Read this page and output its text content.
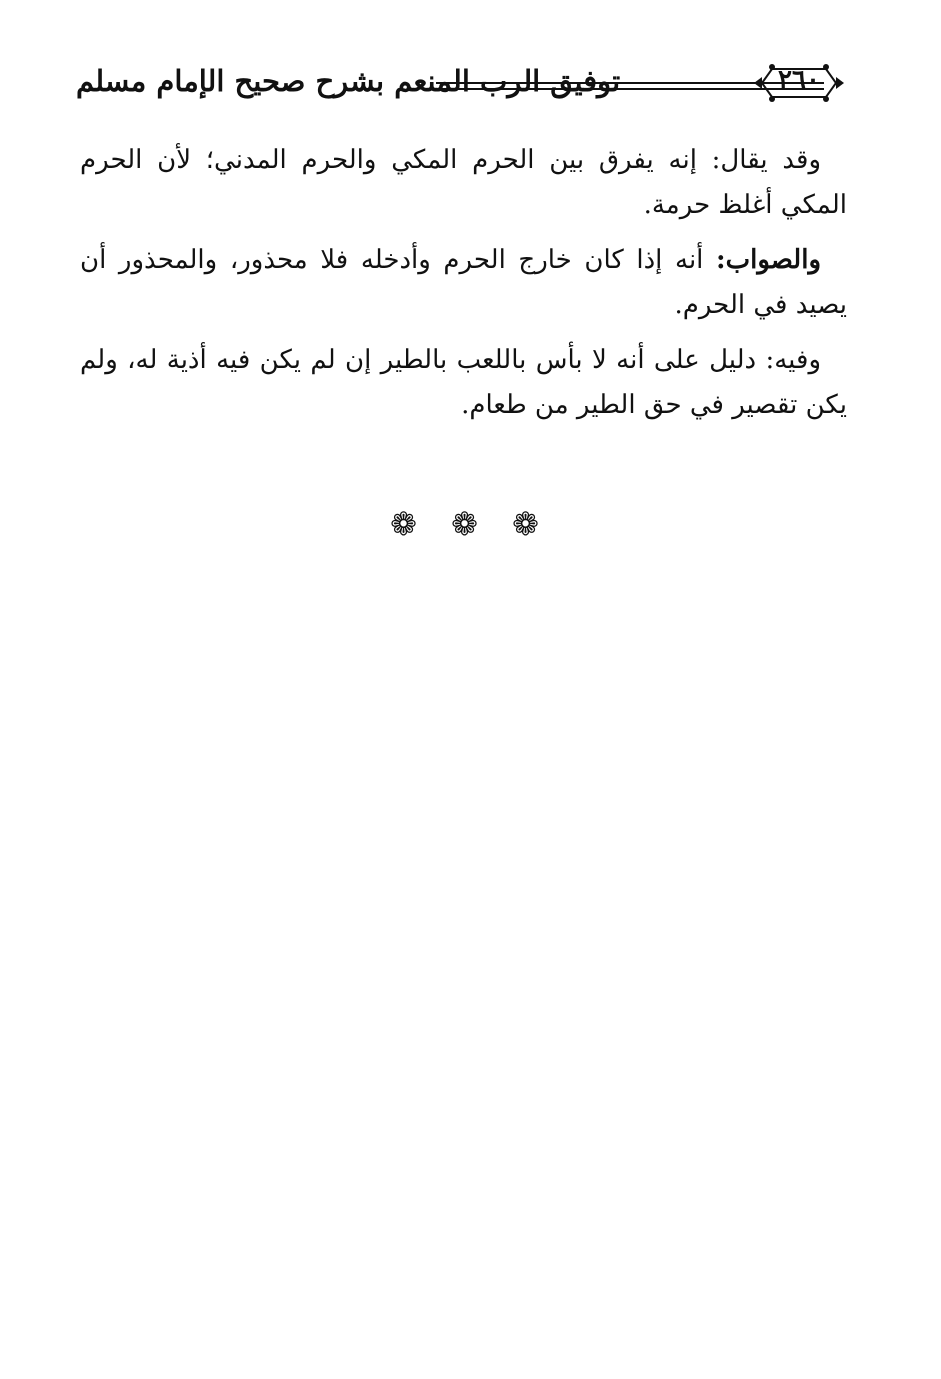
توفيق الرب المنعم بشرح صحيح الإمام مسلم	٢٦٠

وقد يقال: إنه يفرق بين الحرم المكي والحرم المدني؛ لأن الحرم المكي أغلظ حرمة.

والصواب: أنه إذا كان خارج الحرم وأدخله فلا محذور، والمحذور أن يصيد في الحرم.

وفيه: دليل على أنه لا بأس باللعب بالطير إن لم يكن فيه أذية له، ولم يكن تقصير في حق الطير من طعام.

❁ ❁ ❁
